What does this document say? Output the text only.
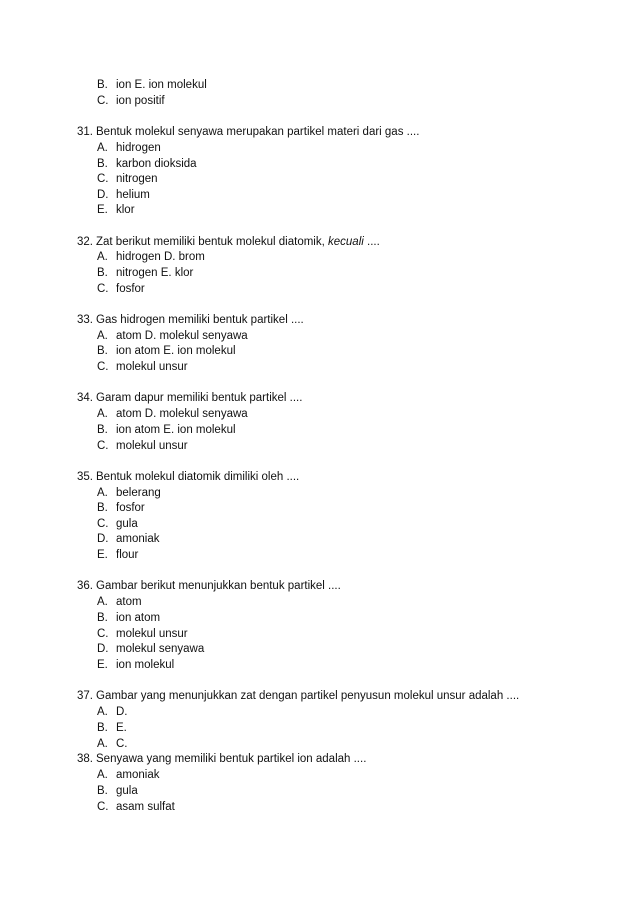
B. ion E. ion molekul
C. ion positif
31. Bentuk molekul senyawa merupakan partikel materi dari gas ....
A. hidrogen
B. karbon dioksida
C. nitrogen
D. helium
E. klor
32. Zat berikut memiliki bentuk molekul diatomik, kecuali ....
A. hidrogen D. brom
B. nitrogen E. klor
C. fosfor
33. Gas hidrogen memiliki bentuk partikel ....
A. atom D. molekul senyawa
B. ion atom E. ion molekul
C. molekul unsur
34. Garam dapur memiliki bentuk partikel ....
A. atom D. molekul senyawa
B. ion atom E. ion molekul
C. molekul unsur
35. Bentuk molekul diatomik dimiliki oleh ....
A. belerang
B. fosfor
C. gula
D. amoniak
E. flour
36. Gambar berikut menunjukkan bentuk partikel ....
A. atom
B. ion atom
C. molekul unsur
D. molekul senyawa
E. ion molekul
37. Gambar yang menunjukkan zat dengan partikel penyusun molekul unsur adalah ....
A. D.
B. E.
A. C.
38. Senyawa yang memiliki bentuk partikel ion adalah ....
A. amoniak
B. gula
C. asam sulfat
